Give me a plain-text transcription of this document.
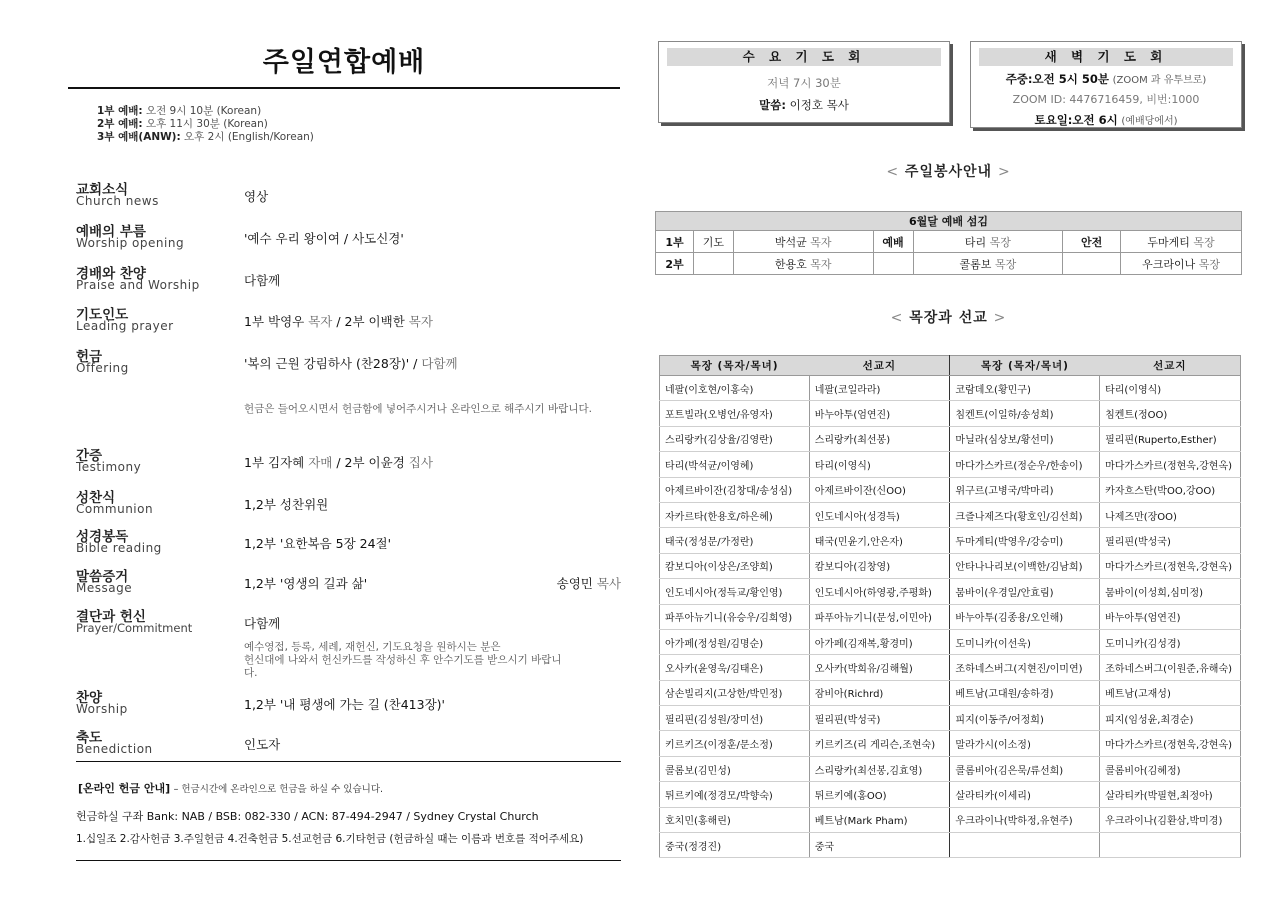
주일연합예배
1부 예배: 오전 9시 10분 (Korean)
2부 예배: 오후 11시 30분 (Korean)
3부 예배(ANW): 오후 2시 (English/Korean)
교회소식
Church news	영상
예배의 부름
Worship opening	'예수 우리 왕이여 / 사도신경'
경배와 찬양
Praise and Worship	다함께
기도인도
Leading prayer	1부 박영우 목자 / 2부 이백한 목자
헌금
Offering	'복의 근원 강림하사 (찬28장)' / 다함께
헌금은 들어오시면서 헌금함에 넣어주시거나 온라인으로 해주시기 바랍니다.
간증
Testimony	1부 김자혜 자매 / 2부 이윤경 집사
성찬식
Communion	1,2부 성찬위원
성경봉독
Bible reading	1,2부 '요한복음 5장 24절'
말씀증거
Message	1,2부 '영생의 길과 삶'	송영민 목사
결단과 헌신
Prayer/Commitment	다함께
예수영접, 등록, 세례, 재헌신, 기도요청을 원하시는 분은
헌신대에 나와서 헌신카드를 작성하신 후 안수기도를 받으시기 바랍니
다.
찬양
Worship	1,2부 '내 평생에 가는 길 (찬413장)'
축도
Benediction	인도자
[온라인 헌금 안내] – 헌금시간에 온라인으로 헌금을 하실 수 있습니다.
헌금하실 구좌 Bank: NAB / BSB: 082-330 / ACN: 87-494-2947 / Sydney Crystal Church
1.십일조 2.감사헌금 3.주일헌금 4.건축헌금 5.선교헌금 6.기타헌금 (헌금하실 때는 이름과 번호를 적어주세요)
수 요 기 도 회
저녁 7시 30분
말씀: 이정호 목사
새 벽 기 도 회
주중:오전 5시 50분 (ZOOM 과 유투브로)
ZOOM ID: 4476716459, 비번:1000
토요일:오전 6시 (예배당에서)
< 주일봉사안내 >
6월달 예배 섬김						
1부	기도	박석균 목자	예배	타리 목장	안전	두마게티 목장
2부		한용호 목자		콜롬보 목장		우크라이나 목장
< 목장과 선교 >
목장 (목자/목녀)	선교지	목장 (목자/목녀)	선교지
네팔(이호현/이홍숙)	네팔(코일라라)	코람데오(황민구)	타리(이영식)
포트빌라(오병언/유영자)	바누아투(엄연진)	침켄트(이일하/송성희)	침켄트(정OO)
스리랑카(김상율/김영란)	스리랑카(최선봉)	마닐라(심상보/황선미)	필리핀(Ruperto,Esther)
타리(박석균/이영혜)	타리(이영식)	마다가스카르(정순우/한송이)	마다가스카르(정현욱,강현옥)
아제르바이잔(김창대/송성심)	아제르바이잔(신OO)	위구르(고병국/박마리)	카자흐스탄(박OO,강OO)
자카르타(한용호/하은혜)	인도네시아(성경득)	크즐나제즈다(황호인/김선희)	나제즈만(장OO)
태국(정성문/가정란)	태국(민윤기,안은자)	두마게티(박영우/강승미)	필리핀(박성국)
캄보디아(이상은/조양희)	캄보디아(김창영)	안타나나리보(이백한/김남희)	마다가스카르(정현욱,강현옥)
인도네시아(정득교/황인영)	인도네시아(하영광,주평화)	뭄바이(우경일/안효림)	뭄바이(이성희,심미정)
파푸아뉴기니(유승우/김희영)	파푸아뉴기니(문성,이민아)	바누아투(김종용/오인해)	바누아투(엄연진)
아가페(정성원/김명순)	아가페(김재복,황경미)	도미니카(이선욱)	도미니카(김성경)
오사카(윤영욱/김태은)	오사카(박희유/김해월)	조하네스버그(지현진/이미연)	조하네스버그(이원준,유해숙)
삼손빌리지(고상한/박민정)	잠비아(Richrd)	베트남(고대원/송하경)	베트남(고재성)
필리핀(김성원/장미선)	필리핀(박성국)	피지(이동주/어정희)	피지(임성윤,최경순)
키르키즈(이정훈/문소정)	키르키즈(리 게리슨,조현숙)	말라가시(이소정)	마다가스카르(정현욱,강현옥)
콜롬보(김민성)	스리랑카(최선봉,김효영)	콜롬비아(김은묵/류선희)	콜롬비아(김혜정)
튀르키예(정경모/박향숙)	튀르키예(홍OO)	살라티카(이세리)	살라티카(박필현,최정아)
호치민(홍해린)	베트남(Mark Pham)	우크라이나(박하정,유현주)	우크라이나(김환삼,박미경)
중국(정경진)	중국		
